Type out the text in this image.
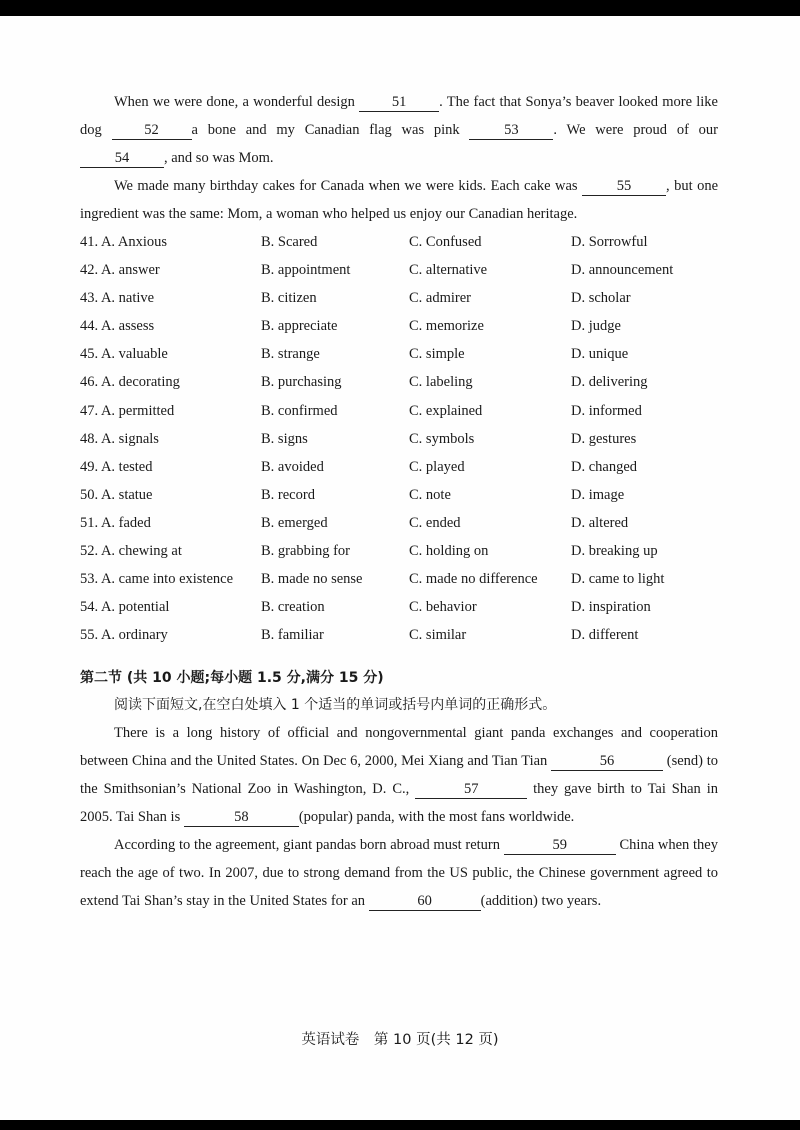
When we were done, a wonderful design 51 . The fact that Sonya’s beaver looked more like dog 52 a bone and my Canadian flag was pink 53 . We were proud of our 54 , and so was Mom.

We made many birthday cakes for Canada when we were kids. Each cake was 55 , but one ingredient was the same: Mom, a woman who helped us enjoy our Canadian heritage.

41. A. Anxious	B. Scared	C. Confused	D. Sorrowful
42. A. answer	B. appointment	C. alternative	D. announcement
43. A. native	B. citizen	C. admirer	D. scholar
44. A. assess	B. appreciate	C. memorize	D. judge
45. A. valuable	B. strange	C. simple	D. unique
46. A. decorating	B. purchasing	C. labeling	D. delivering
47. A. permitted	B. confirmed	C. explained	D. informed
48. A. signals	B. signs	C. symbols	D. gestures
49. A. tested	B. avoided	C. played	D. changed
50. A. statue	B. record	C. note	D. image
51. A. faded	B. emerged	C. ended	D. altered
52. A. chewing at	B. grabbing for	C. holding on	D. breaking up
53. A. came into existence	B. made no sense	C. made no difference	D. came to light
54. A. potential	B. creation	C. behavior	D. inspiration
55. A. ordinary	B. familiar	C. similar	D. different
第二节 (共 10 小题;每小题 1.5 分,满分 15 分)
阅读下面短文,在空白处填入 1 个适当的单词或括号内单词的正确形式。

There is a long history of official and nongovernmental giant panda exchanges and cooperation between China and the United States. On Dec 6, 2000, Mei Xiang and Tian Tian	56	(send) to the Smithsonian’s National Zoo in Washington, D. C.,	57	they gave birth to Tai Shan in 2005. Tai Shan is	58	(popular) panda, with the most fans worldwide.

According to the agreement, giant pandas born abroad must return	59	China when they reach the age of two. In 2007, due to strong demand from the US public, the Chinese government agreed to extend Tai Shan’s stay in the United States for an	60	(addition) two years.

英语试卷　第 10 页(共 12 页)
